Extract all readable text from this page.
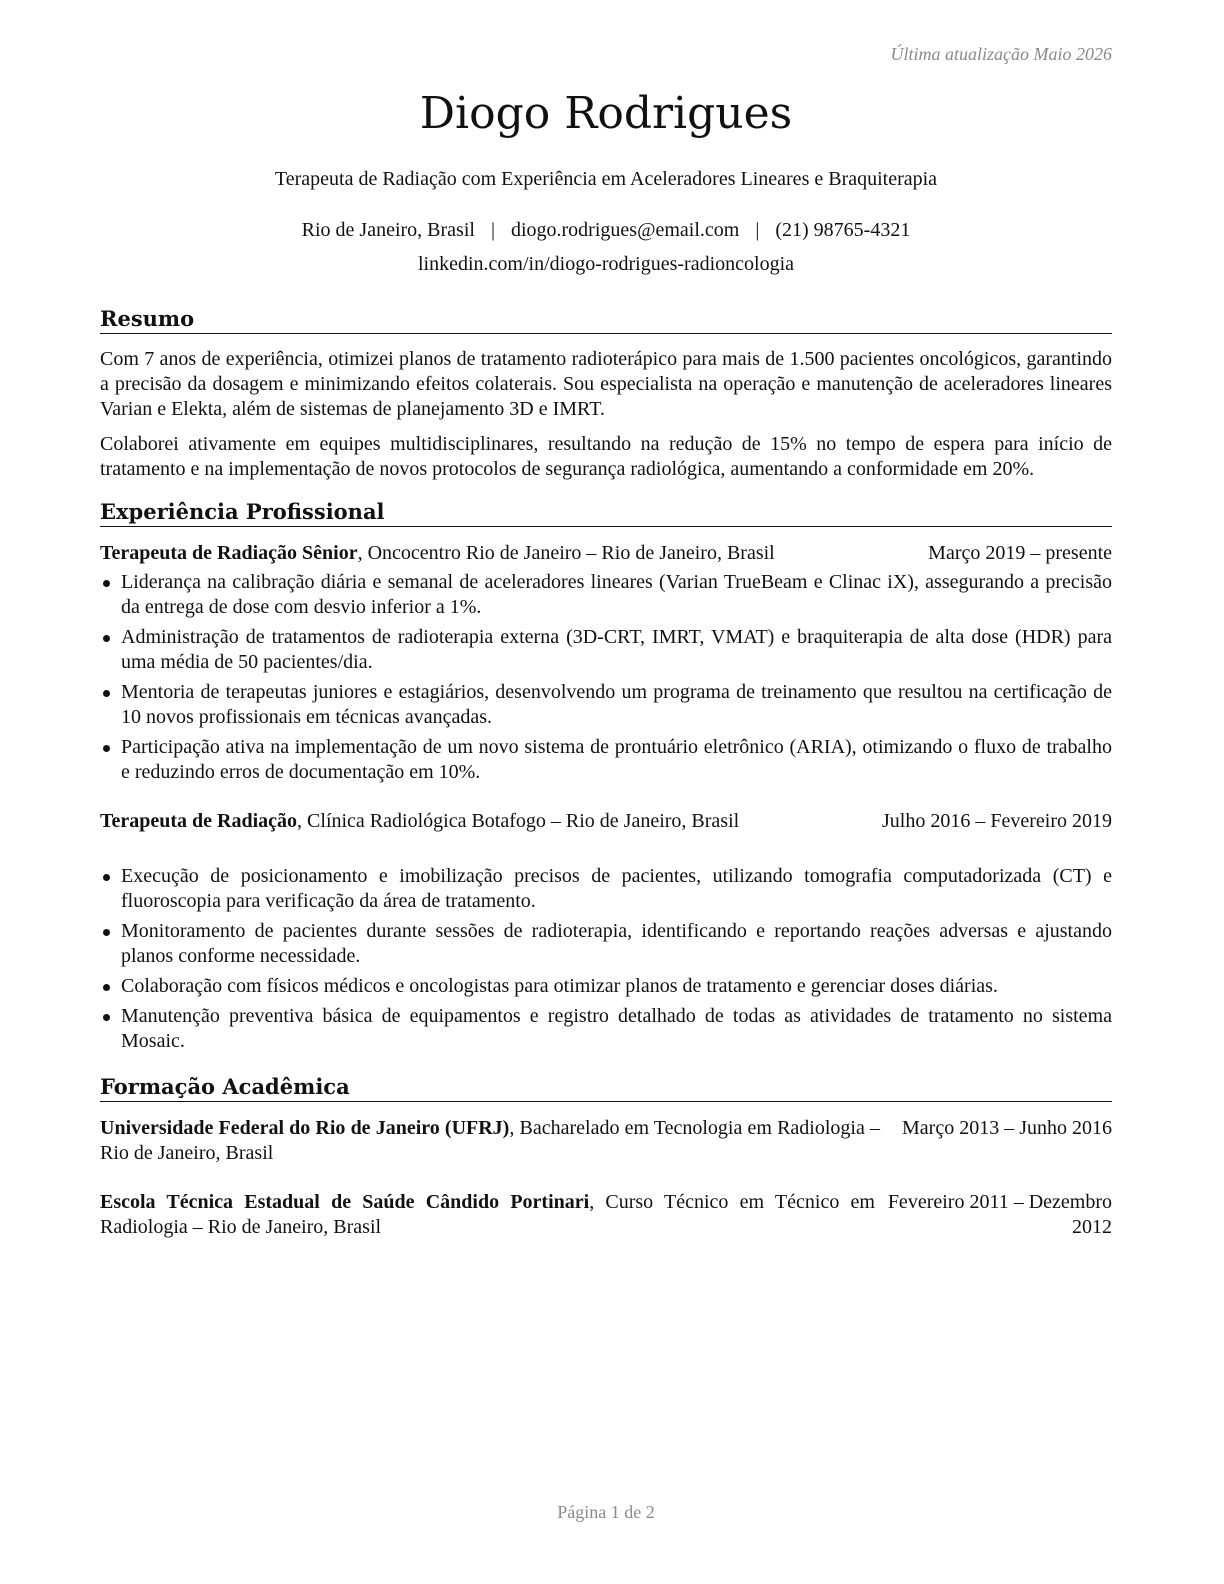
Última atualização Maio 2026
Diogo Rodrigues
Terapeuta de Radiação com Experiência em Aceleradores Lineares e Braquiterapia
Rio de Janeiro, Brasil | diogo.rodrigues@email.com | (21) 98765-4321
linkedin.com/in/diogo-rodrigues-radioncologia
Resumo
Com 7 anos de experiência, otimizei planos de tratamento radioterápico para mais de 1.500 pacientes oncológicos, garantindo a precisão da dosagem e minimizando efeitos colaterais. Sou especialista na operação e manutenção de aceleradores lineares Varian e Elekta, além de sistemas de planejamento 3D e IMRT.
Colaborei ativamente em equipes multidisciplinares, resultando na redução de 15% no tempo de espera para início de tratamento e na implementação de novos protocolos de segurança radiológica, aumentando a conformidade em 20%.
Experiência Profissional
Terapeuta de Radiação Sênior, Oncocentro Rio de Janeiro – Rio de Janeiro, Brasil	Março 2019 – presente
Liderança na calibração diária e semanal de aceleradores lineares (Varian TrueBeam e Clinac iX), assegurando a precisão da entrega de dose com desvio inferior a 1%.
Administração de tratamentos de radioterapia externa (3D-CRT, IMRT, VMAT) e braquiterapia de alta dose (HDR) para uma média de 50 pacientes/dia.
Mentoria de terapeutas juniores e estagiários, desenvolvendo um programa de treinamento que resultou na certificação de 10 novos profissionais em técnicas avançadas.
Participação ativa na implementação de um novo sistema de prontuário eletrônico (ARIA), otimizando o fluxo de trabalho e reduzindo erros de documentação em 10%.
Terapeuta de Radiação, Clínica Radiológica Botafogo – Rio de Janeiro, Brasil	Julho 2016 – Fevereiro 2019
Execução de posicionamento e imobilização precisos de pacientes, utilizando tomografia computadorizada (CT) e fluoroscopia para verificação da área de tratamento.
Monitoramento de pacientes durante sessões de radioterapia, identificando e reportando reações adversas e ajustando planos conforme necessidade.
Colaboração com físicos médicos e oncologistas para otimizar planos de tratamento e gerenciar doses diárias.
Manutenção preventiva básica de equipamentos e registro detalhado de todas as atividades de tratamento no sistema Mosaic.
Formação Acadêmica
Universidade Federal do Rio de Janeiro (UFRJ), Bacharelado em Tecnologia em Radiologia – Rio de Janeiro, Brasil
Março 2013 – Junho 2016
Escola Técnica Estadual de Saúde Cândido Portinari, Curso Técnico em Técnico em Radiologia – Rio de Janeiro, Brasil
Fevereiro 2011 – Dezembro 2012
Página 1 de 2
